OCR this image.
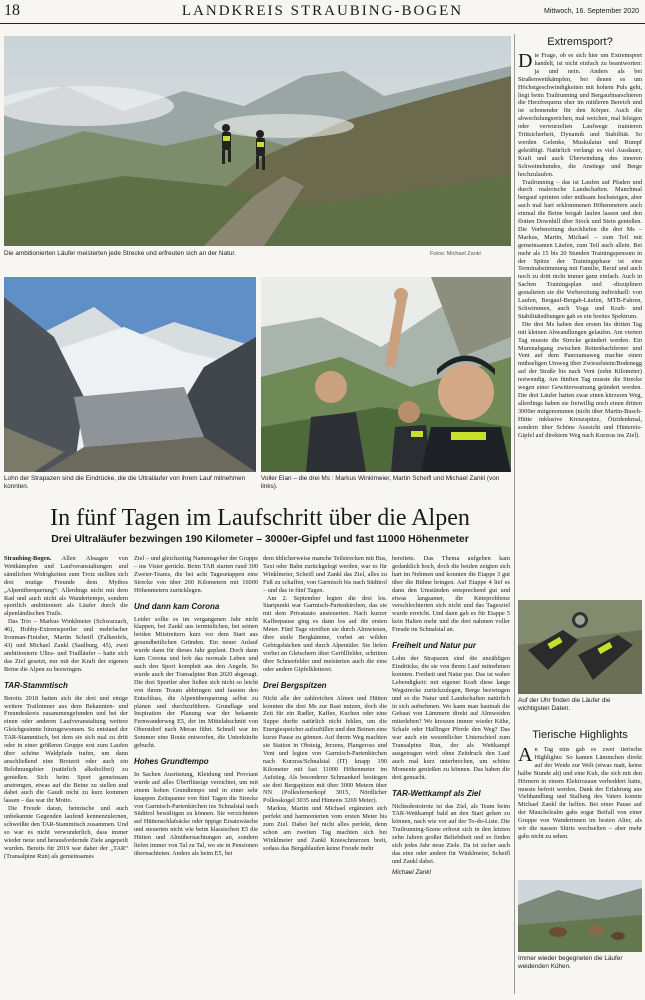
18	LANDKREIS STRAUBING-BOGEN	Mittwoch, 16. September 2020
Die ambitionierten Läufer meisterten jede Strecke und erfreuten sich an der Natur.	Fotos: Michael Zankl
Lohn der Strapazen sind die Eindrücke, die die Ultraläufer von ihrem Lauf mitnehmen konnten.
Voller Elan – die drei Ms : Markus Winklmeier, Martin Scheifl und Michael Zankl (von links).
In fünf Tagen im Laufschritt über die Alpen
Drei Ultraläufer bezwingen 190 Kilometer – 3000er-Gipfel und fast 11000 Höhenmeter

Straubing-Bogen. Allen Absagen von Wettkämpfen und Laufveranstaltungen und sämtlichen Widrigkeiten zum Trotz stellten sich drei mutige Freunde dem Mythos „Alpenüberquerung“: Allerdings nicht mit dem Rad und auch nicht als Wandertempo, sondern sportlich ambitioniert als Läufer durch die alpenländischen Trails.

Das Trio – Markus Winklmeier (Schwarzach, 46), Hobby-Extremsportler und mehrfacher Ironman-Finisher, Martin Scheifl (Falkenfels, 43) und Michael Zankl (Saulburg, 45), zwei ambitionierte Ultra- und Trailläufer – hatte sich das Ziel gesetzt, nur mit der Kraft der eigenen Beine die Alpen zu bezwingen.

TAR-Stammtisch

Bereits 2018 hatten sich die drei und einige weitere Trailrunner aus dem Bekannten- und Freundeskreis zusammengefunden und bei der einen oder anderen Laufveranstaltung weitere Gleichgesinnte hinzugewonnen. So entstand der TAR-Stammtisch, bei dem sie sich mal zu dritt oder in einer größeren Gruppe erst zum Laufen über schöne Waldpfade trafen, um dann anschließend eine Brotzeit oder auch ein Belohnungsbier (natürlich alkoholfrei) zu genießen. Sich beim Sport gemeinsam anstrengen, etwas auf die Beine zu stellen und dabei auch die Gaudi nicht zu kurz kommen lassen – das war ihr Motto.

Die Freude daran, heimische und auch unbekannte Gegenden laufend kennenzulernen, schweißte den TAR-Stammtisch zusammen. Und so war es nicht verwunderlich, dass immer wieder neue und herausfordernde Ziele angepeilt wurden. Bereits für 2019 war daher der „TAR“ (Transalpine Run) als gemeinsames

Ziel – und gleichzeitig Namensgeber der Gruppe – ins Visier gerückt. Beim TAR starten rund 300 Zweier-Teams, die bei acht Tagesetappen eine Strecke von über 260 Kilometern mit 16000 Höhenmetern zurücklegen.

Und dann kam Corona

Leider sollte es im vergangenen Jahr nicht klappen, bei Zankl aus terminlichen, bei seinen beiden Mitstreitern kurz vor dem Start aus gesundheitlichen Gründen. Ein neuer Anlauf wurde dann für dieses Jahr geplant. Doch dann kam Corona und hob das normale Leben und auch den Sport komplett aus den Angeln. So wurde auch der Transalpine Run 2020 abgesagt. Die drei Sportler aber ließen sich nicht so leicht von ihrem Traum abbringen und fassten den Entschluss, die Alpenüberquerung selbst zu planen und durchzuführen. Grundlage und Inspiration der Planung war der bekannte Fernwanderweg E5, der im Mittelabschnitt von Oberstdorf nach Meran führt. Schnell war im Sommer eine Route entworfen, die Unterkünfte gebucht.

Hohes Grundtempo

In Sachen Ausrüstung, Kleidung und Proviant wurde auf alles Überflüssige verzichtet, um mit einem hohen Grundtempo und in einer sehr knappen Zeitspanne von fünf Tagen die Strecke von Garmisch-Partenkirchen ins Schnalstal nach Südtirol bewältigen zu können. Sie verzichteten auf Hüttenschlafsäcke oder üppige Ersatzwäsche und steuerten nicht wie beim klassischen E5 die Hütten und Almübernachtungen an, sondern liefen immer von Tal zu Tal, wo sie in Pensionen übernachteten. Anders als beim E5, bei

dem üblicherweise manche Teilstrecken mit Bus, Taxi oder Bahn zurückgelegt werden, war es für Winklmeier, Scheifl und Zankl das Ziel, alles zu Fuß zu schaffen, von Garmisch bis nach Südtirol – und das in fünf Tagen.

Am 2. September legten die drei los. Startpunkt war Garmisch-Partenkirchen, das sie mit dem Privatauto ansteuerten. Nach kurzer Kaffeepause ging es dann los auf die ersten Meter. Fünf Tage streiften sie durch Almwiesen, über steile Bergkämme, vorbei an wilden Gebirgsbächen und durch Alpentäler. Sie liefen vorbei an Gletschern über Geröllfelder, schritten über Schneefelder und meisterten auch die eine oder andere Gipfelkletterei.

Drei Bergspitzen

Nicht alle der zahlreichen Almen und Hütten konnten die drei Ms zur Rast nutzen, doch die Zeit für ein Radler, Kaffee, Kuchen oder eine Suppe durfte natürlich nicht fehlen, um die Energiespeicher aufzufüllen und den Beinen eine kurze Pause zu gönnen. Auf ihrem Weg machten sie Station in Obsteig, Jerzens, Plangeross und Vent und legten von Garmisch-Partenkirchen nach Kurzras/Schnalstal (IT) knapp 190 Kilometer mit fast 11000 Höhenmeter im Aufstieg. Als besonderer Schmankerl bestiegen sie drei Bergspitzen mit über 3000 Metern über NN (Pollesfernerkopf 3015, Nördlicher Pollesskogel 3035 und Hinteeis 3269 Meter).

Markus, Martin und Michael ergänzten sich perfekt und harmonierten vom ersten Meter bis zum Ziel. Dabei lief nicht alles perfekt, denn schon am zweiten Tag machten sich bei Winklmeier und Zankl Knieschmerzen breit, sodass das Bergablaufen keine Freude mehr

bereitete. Das Thema aufgeben kam gedanklich hoch, doch die beiden zeigten sich hart im Nehmen und konnten die Etappe 3 gut über die Bühne bringen. Auf Etappe 4 lief es dann den Umständen entsprechend gut und etwas langsamer, die Knieprobleme verschlechterten sich nicht und das Tagesziel wurde erreicht. Und dann gab es für Etappe 5 kein Halten mehr und die drei nahmen voller Freude im Schnalstal an.

Freiheit und Natur pur

Lohn der Strapazen sind die unzähligen Eindrücke, die sie von ihrem Lauf mitnehmen konnten. Freiheit und Natur pur. Das ist wahre Lebendigkeit: mit eigener Kraft diese lange Wegstrecke zurückzulegen, Berge bezwingen und so die Natur und Landschaften natürlich in sich aufnehmen. Wo kann man hautnah die Gebaut von Lämmern direkt auf Almweiden miterleben? Wo kreuzen immer wieder Kühe, Schafe oder Haflinger Pferde den Weg? Das war auch ein wesentlicher Unterschied zum Transalpine Run, der als Wettkampf ausgetragen wird: ohne Zeitdruck den Lauf auch mal kurz unterbrechen, um schöne Momente genießen zu können. Das haben die drei gemacht.

TAR-Wettkampf als Ziel

Nichtsdestotrotz ist das Ziel, als Team beim TAR-Wettkampf bald an den Start gehen zu können, nach wie vor auf der To-do-Liste. Die Trailrunning-Szene erfreut sich in den letzten zehn Jahren großer Beliebtheit und so finden sich jedes Jahr neue Ziele. Da ist sicher auch das eine oder andere für Winklmeier, Scheifl und Zankl dabei.

Michael Zankl

Extremsport?

Die Frage, ob es sich hier um Extremsport handelt, ist nicht einfach zu beantworten: ja und nein. Anders als bei Straßenwettkämpfen, bei denen es um Höchstgeschwindigkeiten mit hohem Puls geht, liegt beim Trailrunning und Bergaufmarschieren die Herzfrequenz eher im mittleren Bereich und ist schonender für den Körper. Auch die abwechslungsreichen, mal weichen, mal felsigen oder verwurzelten Laufwege trainieren Trittsicherheit, Dynamik und Stabilität. So werden Gelenke, Muskulatur und Rumpf gekräftigt. Natürlich verlangt es viel Ausdauer, Kraft und auch Überwindung des inneren Schweinehundes, die Anstiege und Berge hochzulaufen.

Trailrunning – das ist Laufen auf Pfaden und durch malerische Landschaften. Manchmal bergauf sprinten oder mühsam hochsteigen, aber auch mal hart erklommenen Höhenmetern auch einmal die Beine bergab laufen lassen und den flotten Downhill über Stock und Stein genießen. Die Vorbereitung durchliefen die drei Ms – Markus, Martin, Michael – zum Teil mit gemeinsamen Läufen, zum Teil auch allein. Bei mehr als 15 bis 20 Stunden Trainingspensum in der Spitze der Trainingsphase ist eine Terminabstimmung mit Familie, Beruf und auch noch zu dritt nicht immer ganz einfach. Auch in Sachen Trainingsplan und -disziplinen gestalteten sie die Vorbereitung individuell: von Laufen, Bergauf-Bergab-Läufen, MTB-Fahren, Schwimmen, auch Yoga und Kraft- und Stabilitätsübungen gab es ein breites Spektrum.

Die drei Ms haben den ersten bis dritten Tag mit kleinen Abwandlungen gelaufen. Am vierten Tag musste die Strecke geändert werden. Ein Murenabgang zwischen Rettenbachferner und Vent auf dem Panoramaweg machte einen mühseligen Umweg über Zwieselstein/Bodenegg auf der Straße bis nach Vent (zehn Kilometer) notwendig. Am fünften Tag musste die Strecke wegen einer Gewitterwarnung geändert werden. Die drei Läufer hatten zwar einen kürzeren Weg, allerdings haben sie freiwillig noch einen dritten 3000er mitgenommen (nicht über Martin-Busch-Hütte inklusive Kreuzspitze, Ötzidenkmal, sondern über Schöne Aussicht und Hintereis-Gipfel auf direktem Weg nach Kurzras ins Ziel).

Auf der Uhr finden die Läufer die wichtigsten Daten.
Tierische Highlights

An Tag eins gab es zwei tierische Highlights: So kamen Lämmchen direkt auf der Weide zur Welt (etwas matt, keine halbe Stunde alt) und eine Kuh, die sich mit den Hörnern in einem Elektrozaun verheddert hatte, musste befreit werden. Dank der Erfahrung aus Viehhandlung und Stallung des Vaters konnte Michael Zankl ihr helfen. Bei einer Pause auf der Mauchelealm gabs sogar Beifall von einer Gruppe von Wanderinnen im besten Alter, als wir die nassen Shirts wechselten – aber mehr gabs nicht zu sehen.

Immer wieder begegneten die Läufer weidenden Kühen.
